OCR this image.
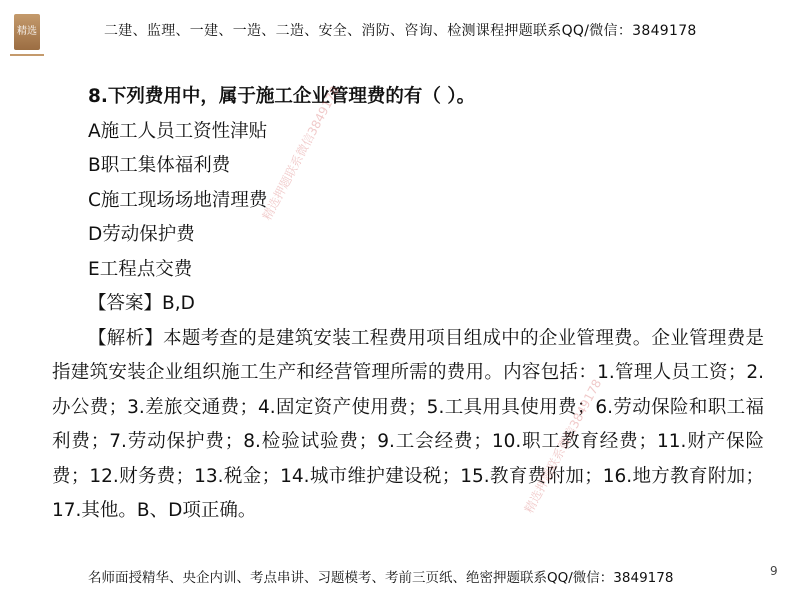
精选	二建、监理、一建、一造、二造、安全、消防、咨询、检测课程押题联系QQ/微信：3849178
8.下列费用中，属于施工企业管理费的有（ ）。
A施工人员工资性津贴
B职工集体福利费
C施工现场场地清理费
D劳动保护费
E工程点交费
【答案】B,D
【解析】本题考查的是建筑安装工程费用项目组成中的企业管理费。企业管理费是指建筑安装企业组织施工生产和经营管理所需的费用。内容包括：1.管理人员工资；2.办公费；3.差旅交通费；4.固定资产使用费；5.工具用具使用费；6.劳动保险和职工福利费；7.劳动保护费；8.检验试验费；9.工会经费；10.职工教育经费；11.财产保险费；12.财务费；13.税金；14.城市维护建设税；15.教育费附加；16.地方教育附加；17.其他。B、D项正确。
精选押题联系微信3849178
精选押题联系微信3849178
名师面授精华、央企内训、考点串讲、习题模考、考前三页纸、绝密押题联系QQ/微信：3849178	9
